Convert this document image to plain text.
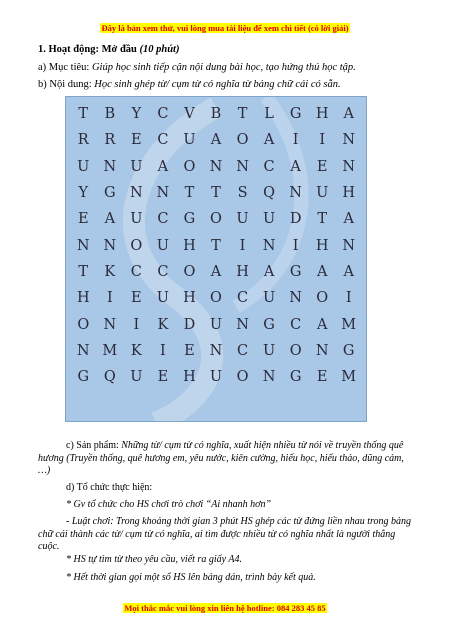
Đây là bản xem thử, vui lòng mua tài liệu để xem chi tiết (có lời giải)
1. Hoạt động: Mở đầu (10 phút)
a) Mục tiêu: Giúp học sinh tiếp cận nội dung bài học, tạo hứng thú học tập.
b) Nội dung: Học sinh ghép từ/ cụm từ có nghĩa từ bảng chữ cái có sẵn.
T	B	Y	C	V	B	T	L	G H	A
R	R	E	C	U	A	O	A	I	I	N
U N U	A	O N N	C	A	E	N
Y	G N N	T	T	S	Q N U H
E	A	U	C	G	O U U	D	T	A
N N O U H	T	I	N	I	H N
T	K	C	C	O	A	H	A	G	A	A
H	I	E	U H O	C	U N O	I
O N	I	K	D	U N G	C	A M
N M K	I	E	N	C	U O N G
G	Q U	E	H U O N G	E M
c) Sản phẩm: Những từ/ cụm từ có nghĩa, xuất hiện nhiều từ nói về truyền thống quê hương (Truyền thống, quê hương em, yêu nước, kiên cường, hiếu học, hiếu thảo, dũng cảm, …)
d) Tổ chức thực hiện:
* Gv tổ chức cho HS chơi trò chơi “Ai nhanh hơn”
- Luật chơi: Trong khoảng thời gian 3 phút HS ghép các từ đứng liền nhau trong bảng chữ cái thành các từ/ cụm từ có nghĩa, ai tìm được nhiều từ có nghĩa nhất là người thắng cuộc.
* HS tự tìm từ theo yêu cầu, viết ra giấy A4.
* Hết thời gian gọi một số HS lên bảng dán, trình bày kết quả.
Mọi thắc mắc vui lòng xin liên hệ hotline: 084 283 45 85
